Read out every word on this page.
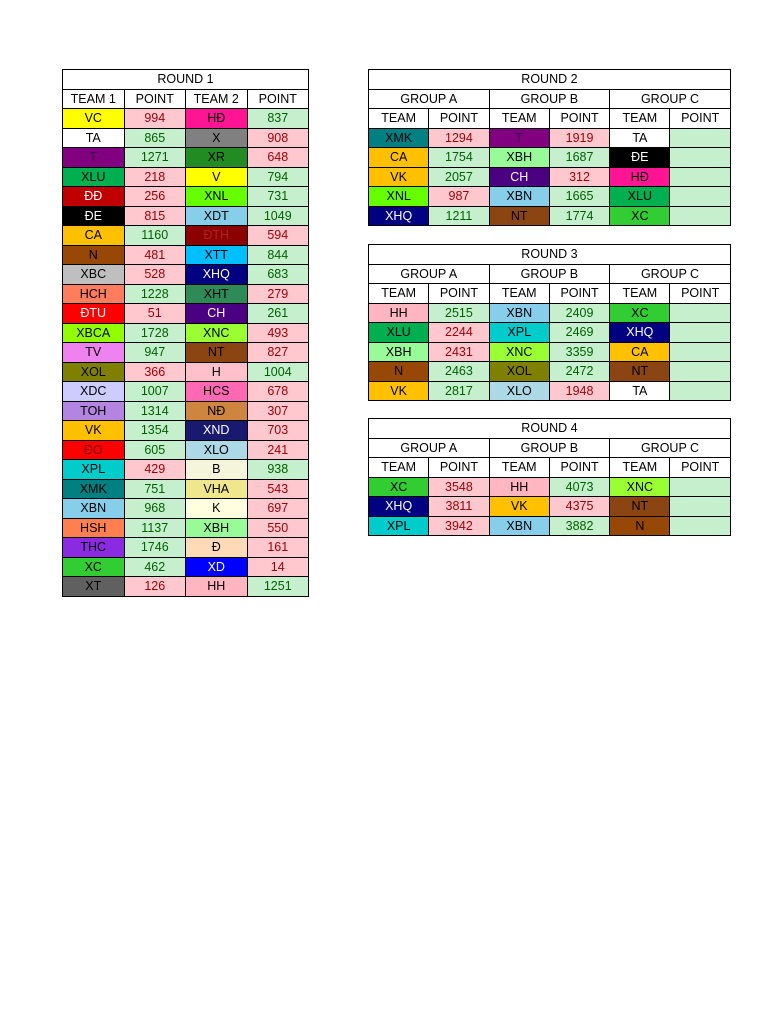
ROUND 1			
TEAM 1	POINT	TEAM 2	POINT
VC	994	HĐ	837
TA	865	X	908
T	1271	XR	648
XLU	218	V	794
ĐĐ	256	XNL	731
ĐE	815	XDT	1049
CA	1160	ĐTH	594
N	481	XTT	844
XBC	528	XHQ	683
HCH	1228	XHT	279
ĐTU	51	CH	261
XBCA	1728	XNC	493
TV	947	NT	827
XOL	366	H	1004
XDC	1007	HCS	678
TOH	1314	NĐ	307
VK	1354	XND	703
ĐO	605	XLO	241
XPL	429	B	938
XMK	751	VHA	543
XBN	968	K	697
HSH	1137	XBH	550
THC	1746	Đ	161
XC	462	XD	14
XT	126	HH	1251
ROUND 2					
GROUP A		GROUP B		GROUP C	
TEAM	POINT	TEAM	POINT	TEAM	POINT
XMK	1294	T	1919	TA	
CA	1754	XBH	1687	ĐE	
VK	2057	CH	312	HĐ	
XNL	987	XBN	1665	XLU	
XHQ	1211	NT	1774	XC	
ROUND 3					
GROUP A		GROUP B		GROUP C	
TEAM	POINT	TEAM	POINT	TEAM	POINT
HH	2515	XBN	2409	XC	
XLU	2244	XPL	2469	XHQ	
XBH	2431	XNC	3359	CA	
N	2463	XOL	2472	NT	
VK	2817	XLO	1948	TA	
ROUND 4					
GROUP A		GROUP B		GROUP C	
TEAM	POINT	TEAM	POINT	TEAM	POINT
XC	3548	HH	4073	XNC	
XHQ	3811	VK	4375	NT	
XPL	3942	XBN	3882	N	
